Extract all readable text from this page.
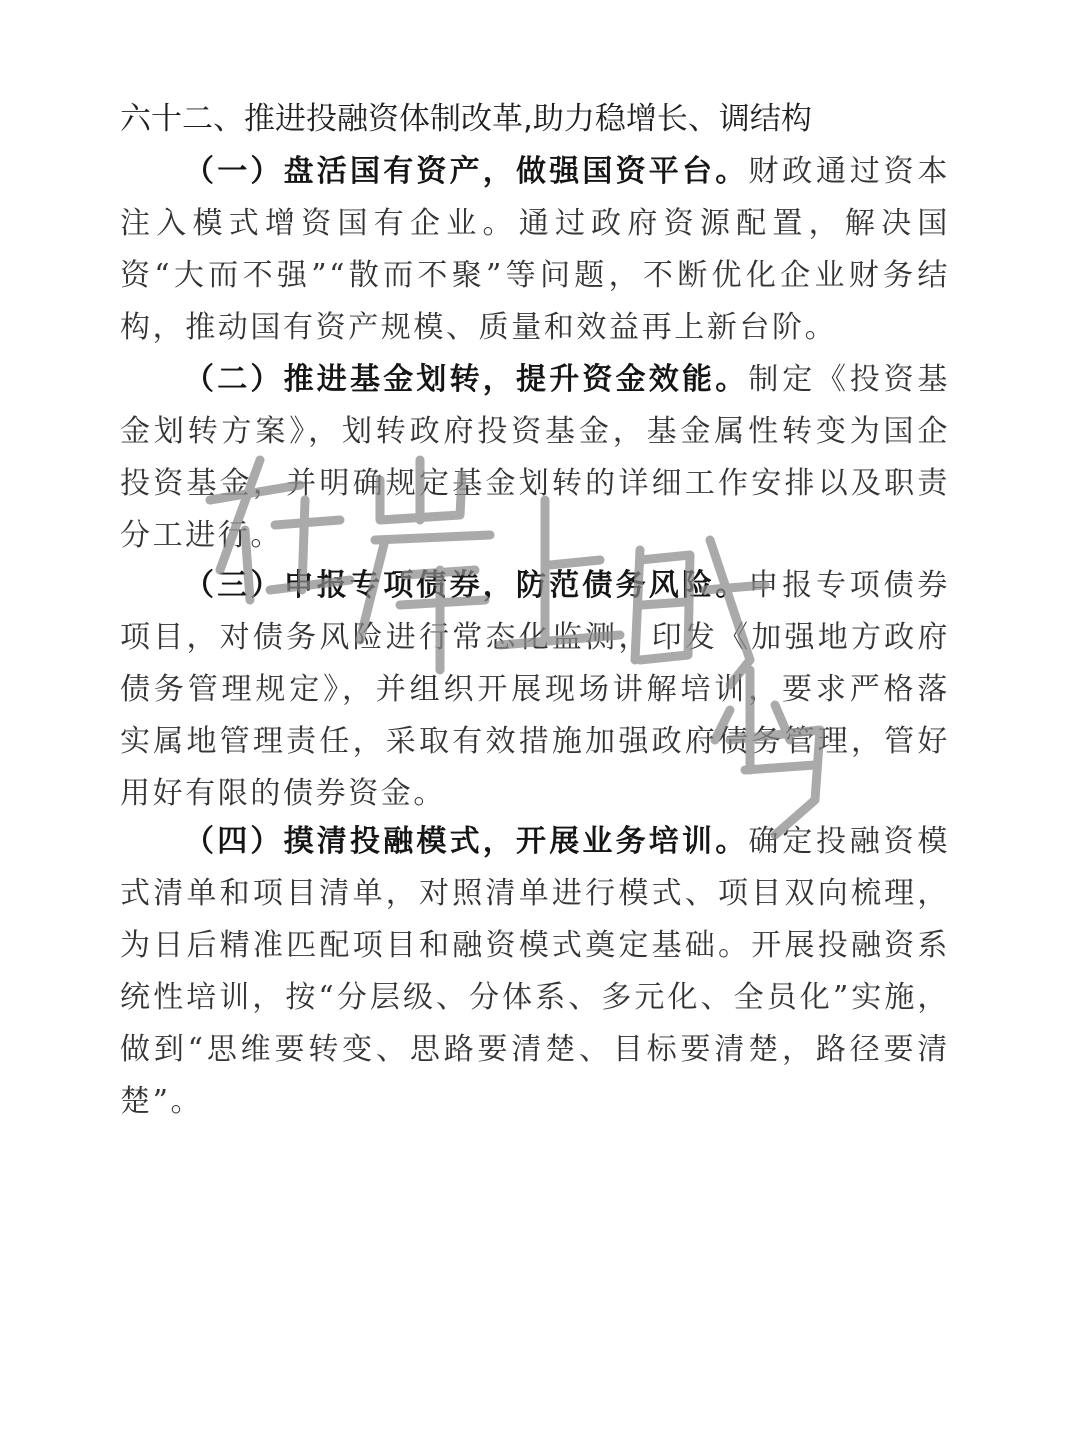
六十二、推进投融资体制改革,助力稳增长、调结构

（一）盘活国有资产，做强国资平台。财政通过资本注入模式增资国有企业。通过政府资源配置，解决国资“大而不强”“散而不聚”等问题，不断优化企业财务结构，推动国有资产规模、质量和效益再上新台阶。

（二）推进基金划转，提升资金效能。制定《投资基金划转方案》，划转政府投资基金，基金属性转变为国企投资基金，并明确规定基金划转的详细工作安排以及职责分工进行。

（三）申报专项债券，防范债务风险。申报专项债券项目，对债务风险进行常态化监测，印发《加强地方政府债务管理规定》，并组织开展现场讲解培训，要求严格落实属地管理责任，采取有效措施加强政府债务管理，管好用好有限的债券资金。

（四）摸清投融模式，开展业务培训。确定投融资模式清单和项目清单，对照清单进行模式、项目双向梳理，为日后精准匹配项目和融资模式奠定基础。开展投融资系统性培训，按“分层级、分体系、多元化、全员化”实施，做到“思维要转变、思路要清楚、目标要清楚，路径要清楚”。
